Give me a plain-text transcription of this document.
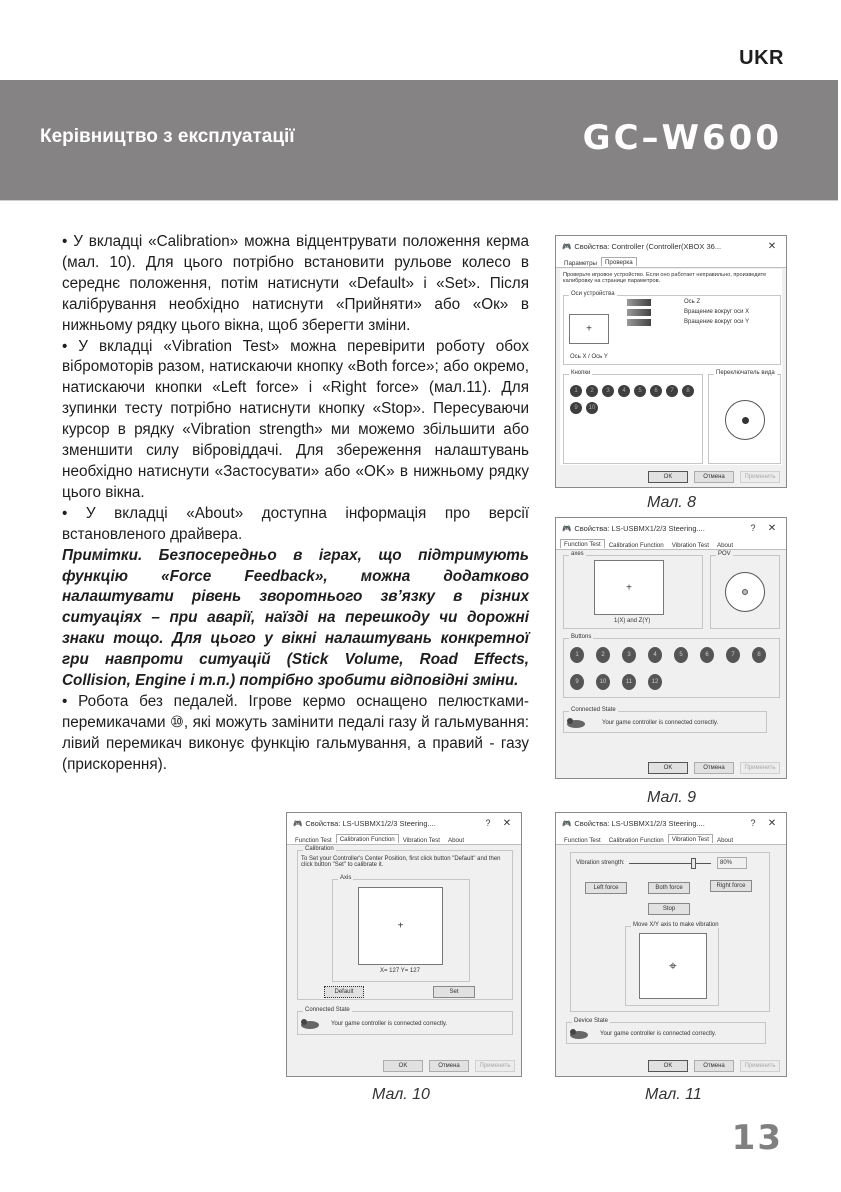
UKR
Керівництво з експлуатації	GC–W600

• У вкладці «Calibration» можна відцентрувати положення керма (мал. 10). Для цього потрібно встановити рульове колесо в середнє положення, потім натиснути «Default» і «Set». Після калібрування необхідно натиснути «Прийняти» або «Ок» в нижньому рядку цього вікна, щоб зберегти зміни.

• У вкладці «Vibration Test» можна перевірити роботу обох вібромоторів разом, натискаючи кнопку «Both force»; або окремо, натискаючи кнопки «Left force» і «Right force» (мал.11). Для зупинки тесту потрібно натиснути кнопку «Stop». Пересуваючи курсор в рядку «Vibration strength» ми можемо збільшити або зменшити силу вібровіддачі. Для збереження налаштувань необхідно натиснути «Застосувати» або «OK» в нижньому рядку цього вікна.

• У вкладці «About» доступна інформація про версії встановленого драйвера.

Примітки. Безпосередньо в іграх, що підтримують функцію «Force Feedback», можна додатково налаштувати рівень зворотнього зв’язку в різних ситуаціях – при аварії, наїзді на перешкоду чи дорожні знаки тощо. Для цього у вікні налаштувань конкретної гри навпроти ситуацій (Stick Volume, Road Effects, Collision, Engine і т.п.) потрібно зробити відповідні зміни.

• Робота без педалей. Ігрове кермо оснащено пелюстками-перемикачами ⑩, які можуть замінити педалі газу й гальмування: лівий перемикач виконує функцію гальмування, а правий - газу (прискорення).

🎮 Свойства: Controller (Controller(XBOX 36...	✕
Параметры	Проверка
Проверьте игровое устройство. Если оно работает неправильно, произведите калибровку на странице параметров.
Оси устройства
+
Ось X / Ось Y
Ось Z
Вращение вокруг оси X
Вращение вокруг оси Y
Кнопки
1	2	3	4	5	6	7	8
9	10
Переключатель вида
OK	Отмена	Применить
Мал. 8
🎮 Свойства: LS-USBMX1/2/3 Steering....	?	✕
Function Test	Calibration Function	Vibration Test	About
axes
+
1(X) and Z(Y)
POV
Buttons
1	2	3	4	5	6	7	8
9	10	11	12
Connected State
Your game controller is connected correctly.
OK	Отмена	Применить
Мал. 9
🎮 Свойства: LS-USBMX1/2/3 Steering....	?	✕
Function Test	Calibration Function	Vibration Test	About
Calibration
To Set your Controller's Center Position, first click button "Default" and then click button "Set" to calibrate it.
Axis
+
X= 127 Y= 127
Default	Set
Connected State
Your game controller is connected correctly.
OK	Отмена	Применить
Мал. 10
🎮 Свойства: LS-USBMX1/2/3 Steering....	?	✕
Function Test	Calibration Function	Vibration Test	About
Vibration strength:	80%
Left force	Both force	Right force
Stop
Move X/Y axis to make vibration
⌖
Device State
Your game controller is connected correctly.
OK	Отмена	Применить
Мал. 11
13
